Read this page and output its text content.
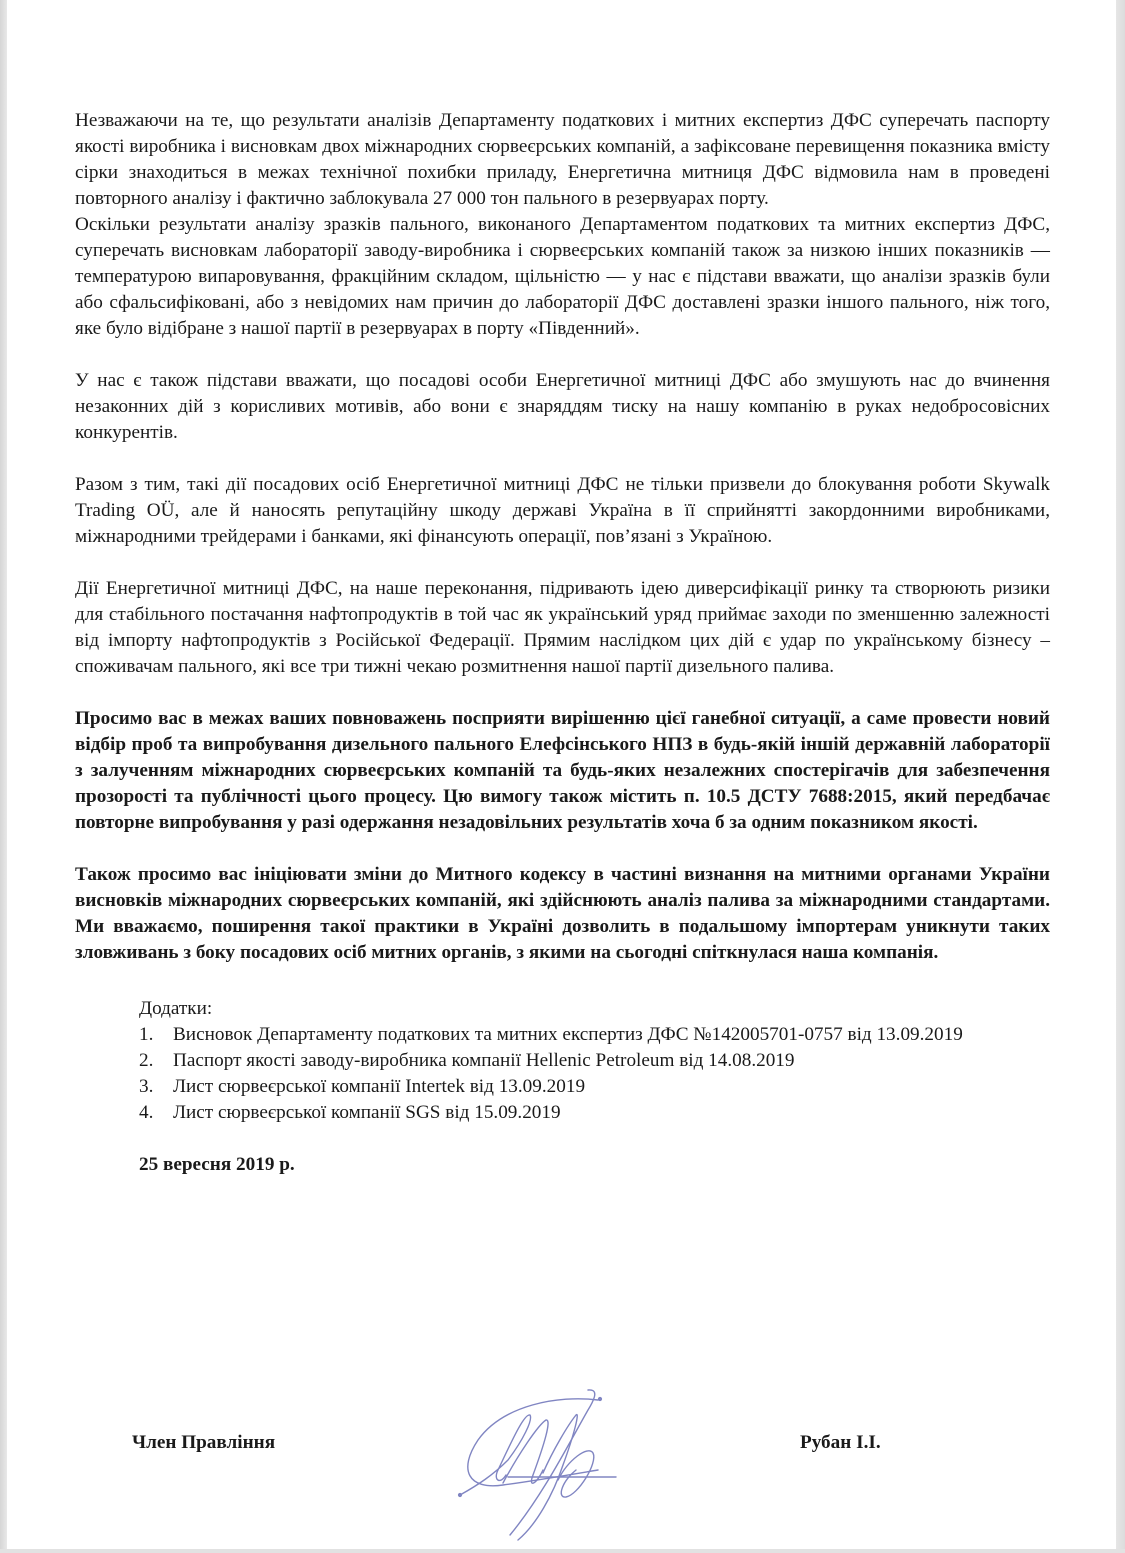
Незважаючи на те, що результати аналізів Департаменту податкових і митних експертиз ДФС суперечать паспорту якості виробника і висновкам двох міжнародних сюрвеєрських компаній, а зафіксоване перевищення показника вмісту сірки знаходиться в межах технічної похибки приладу, Енергетична митниця ДФС відмовила нам в проведені повторного аналізу і фактично заблокувала 27 000 тон пального в резервуарах порту.

Оскільки результати аналізу зразків пального, виконаного Департаментом податкових та митних експертиз ДФС, суперечать висновкам лабораторії заводу-виробника і сюрвеєрських компаній також за низкою інших показників — температурою випаровування, фракційним складом, щільністю — у нас є підстави вважати, що аналізи зразків були або сфальсифіковані, або з невідомих нам причин до лабораторії ДФС доставлені зразки іншого пального, ніж того, яке було відібране з нашої партії в резервуарах в порту «Південний».

У нас є також підстави вважати, що посадові особи Енергетичної митниці ДФС або змушують нас до вчинення незаконних дій з корисливих мотивів, або вони є знаряддям тиску на нашу компанію в руках недобросовісних конкурентів.

Разом з тим, такі дії посадових осіб Енергетичної митниці ДФС не тільки призвели до блокування роботи Skywalk Trading OÜ, але й наносять репутаційну шкоду державі Україна в її сприйнятті закордонними виробниками, міжнародними трейдерами і банками, які фінансують операції, пов’язані з Україною.

Дії Енергетичної митниці ДФС, на наше переконання, підривають ідею диверсифікації ринку та створюють ризики для стабільного постачання нафтопродуктів в той час як український уряд приймає заходи по зменшенню залежності від імпорту нафтопродуктів з Російської Федерації. Прямим наслідком цих дій є удар по українському бізнесу – споживачам пального, які все три тижні чекаю розмитнення нашої партії дизельного палива.

Просимо вас в межах ваших повноважень посприяти вирішенню цієї ганебної ситуації, а саме провести новий відбір проб та випробування дизельного пального Елефсінського НПЗ в будь-якій іншій державній лабораторії з залученням міжнародних сюрвеєрських компаній та будь-яких незалежних спостерігачів для забезпечення прозорості та публічності цього процесу. Цю вимогу також містить п. 10.5 ДСТУ 7688:2015, який передбачає повторне випробування у разі одержання незадовільних результатів хоча б за одним показником якості.

Також просимо вас ініціювати зміни до Митного кодексу в частині визнання на митними органами України висновків міжнародних сюрвеєрських компаній, які здійснюють аналіз палива за міжнародними стандартами. Ми вважаємо, поширення такої практики в Україні дозволить в подальшому імпортерам уникнути таких зловживань з боку посадових осіб митних органів, з якими на сьогодні спіткнулася наша компанія.

Додатки:

1.	Висновок Департаменту податкових та митних експертиз ДФС №142005701-0757 від 13.09.2019
2.	Паспорт якості заводу-виробника компанії Hellenic Petroleum від 14.08.2019
3.	Лист сюрвеєрської компанії Intertek від 13.09.2019
4.	Лист сюрвеєрської компанії SGS від 15.09.2019
25 вересня 2019 р.
Член Правління	Рубан І.І.
